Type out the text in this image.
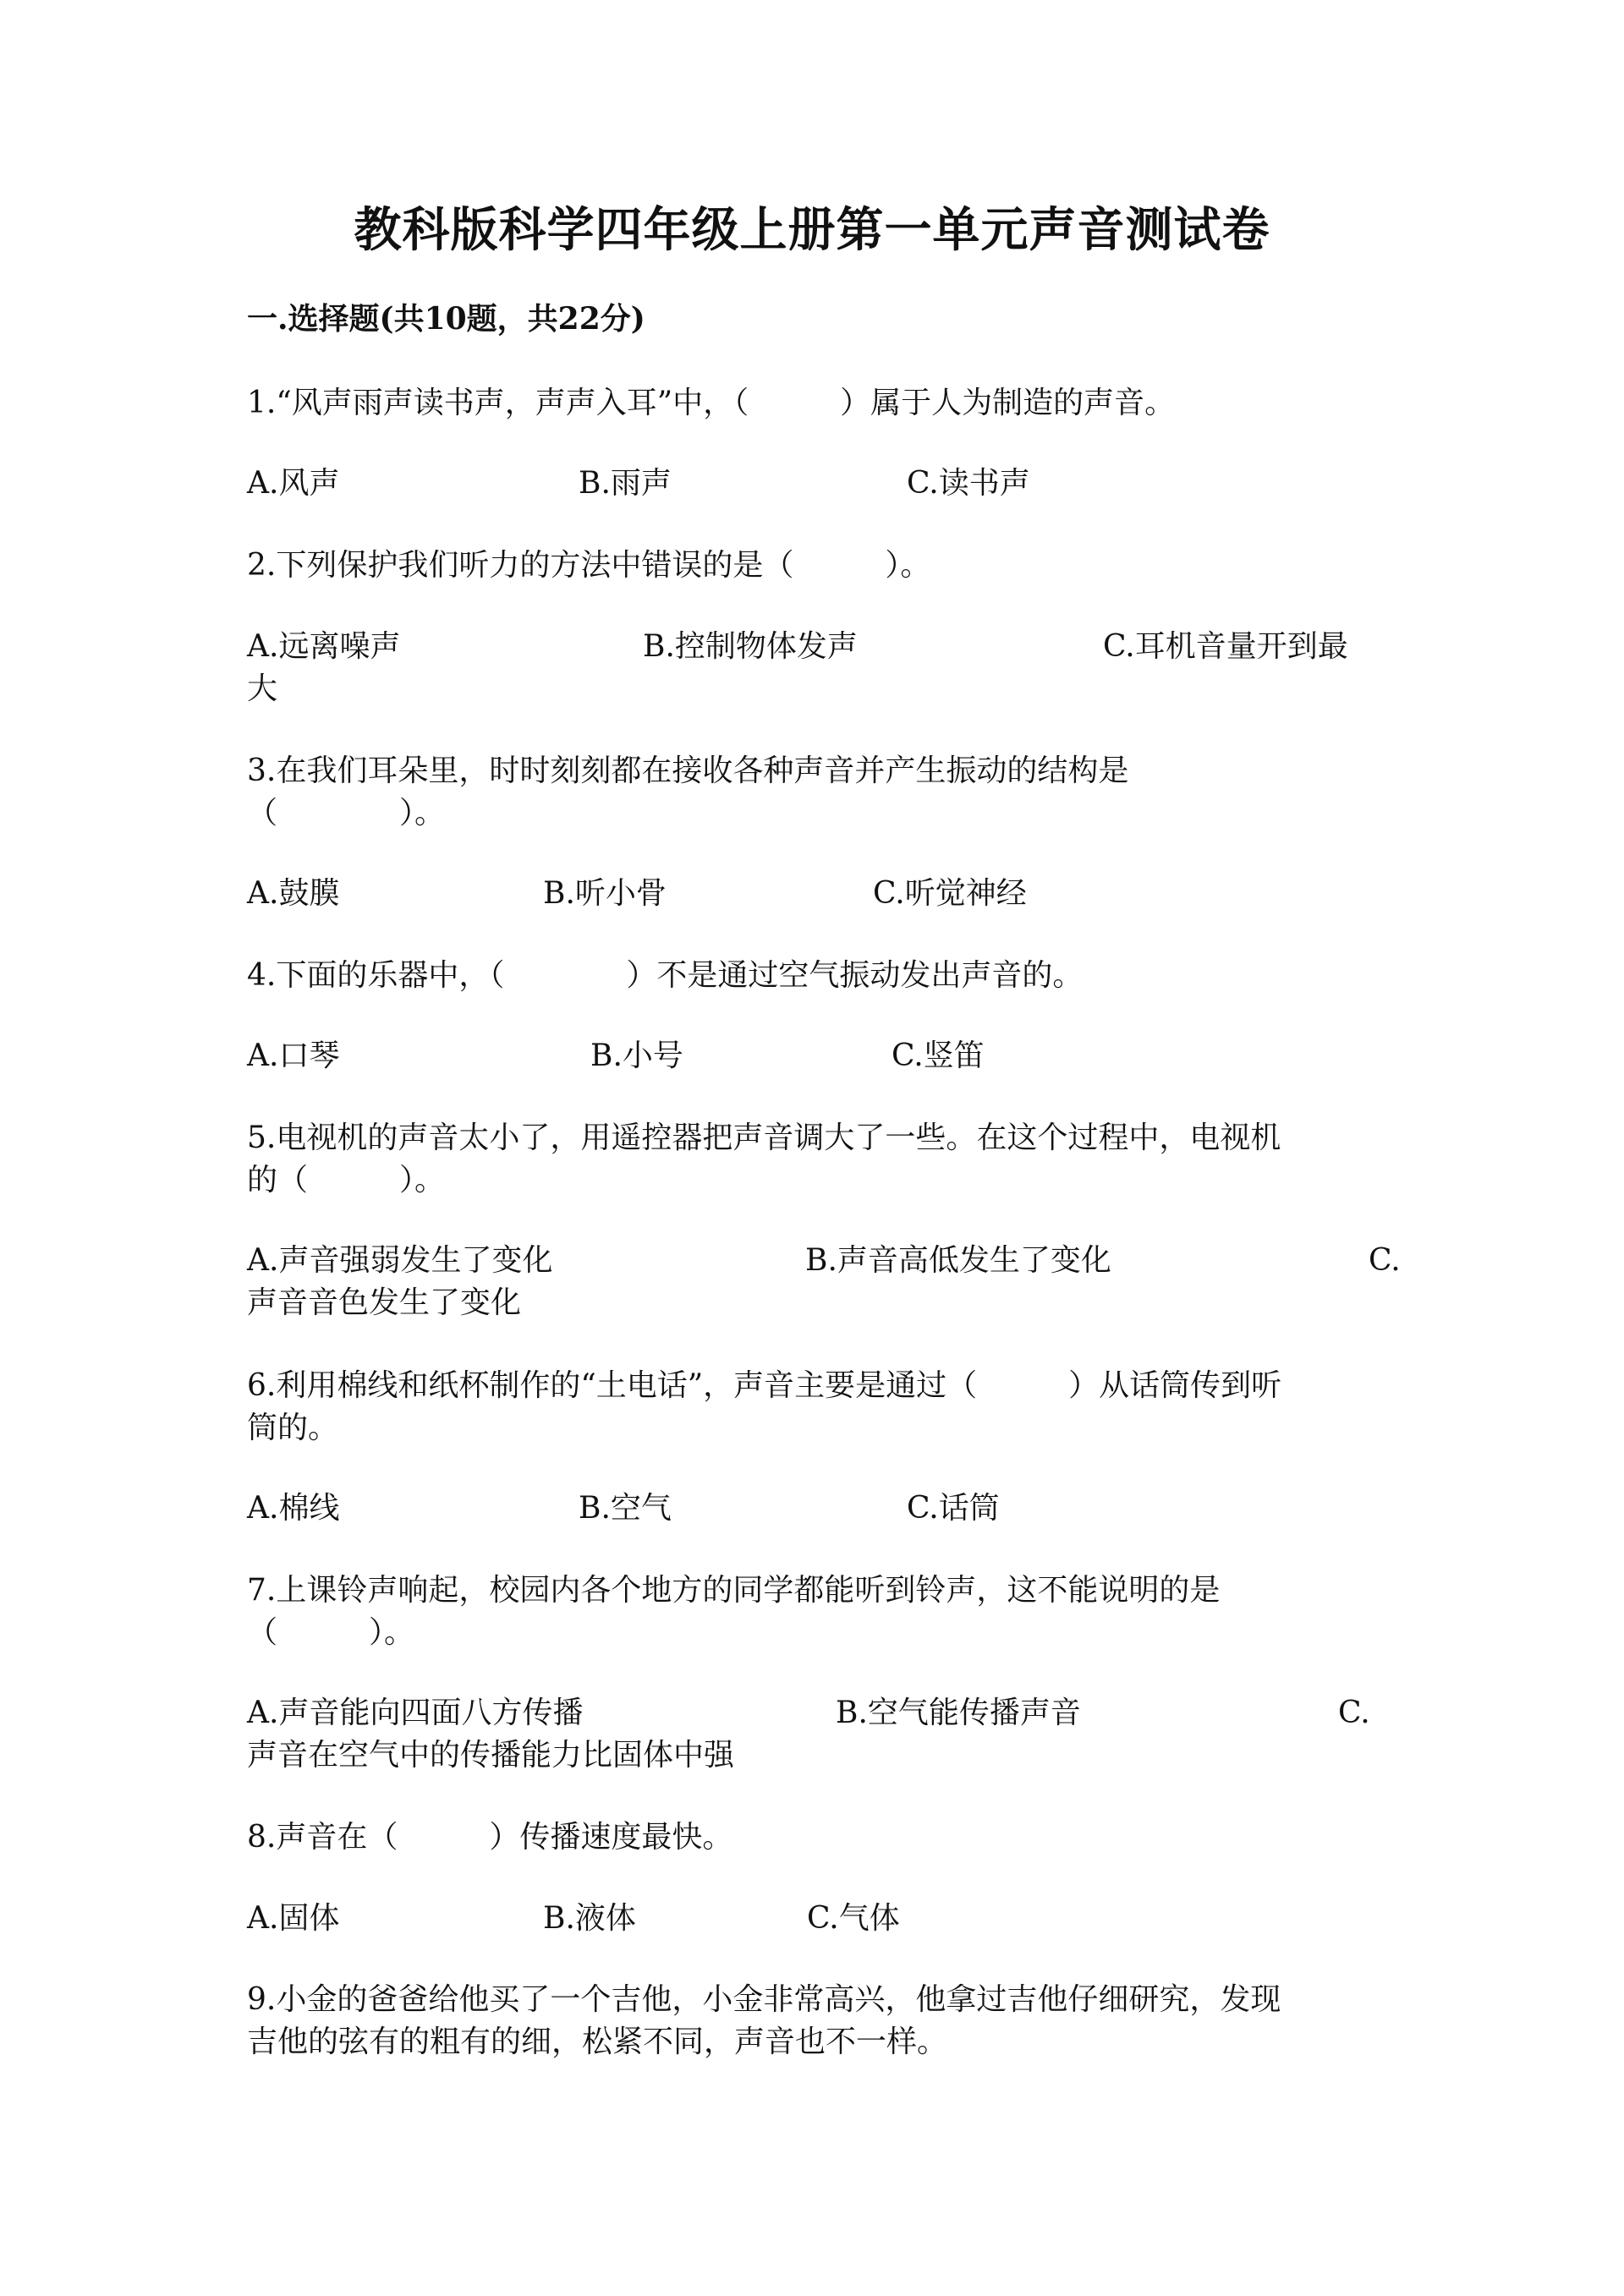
教科版科学四年级上册第一单元声音测试卷
一.选择题(共10题，共22分)
1.“风声雨声读书声，声声入耳”中，（　　　）属于人为制造的声音。
A.风声	B.雨声	C.读书声
2.下列保护我们听力的方法中错误的是（　　　）。
A.远离噪声	B.控制物体发声	C.耳机音量开到最
大
3.在我们耳朵里，时时刻刻都在接收各种声音并产生振动的结构是
（　　　　）。
A.鼓膜	B.听小骨	C.听觉神经
4.下面的乐器中，（　　　　）不是通过空气振动发出声音的。
A.口琴	B.小号	C.竖笛
5.电视机的声音太小了，用遥控器把声音调大了一些。在这个过程中，电视机
的（　　　）。
A.声音强弱发生了变化	B.声音高低发生了变化	C.
声音音色发生了变化
6.利用棉线和纸杯制作的“土电话”，声音主要是通过（　　　）从话筒传到听
筒的。
A.棉线	B.空气	C.话筒
7.上课铃声响起，校园内各个地方的同学都能听到铃声，这不能说明的是
（　　　）。
A.声音能向四面八方传播	B.空气能传播声音	C.
声音在空气中的传播能力比固体中强
8.声音在（　　　）传播速度最快。
A.固体	B.液体	C.气体
9.小金的爸爸给他买了一个吉他，小金非常高兴，他拿过吉他仔细研究，发现
吉他的弦有的粗有的细，松紧不同，声音也不一样。
